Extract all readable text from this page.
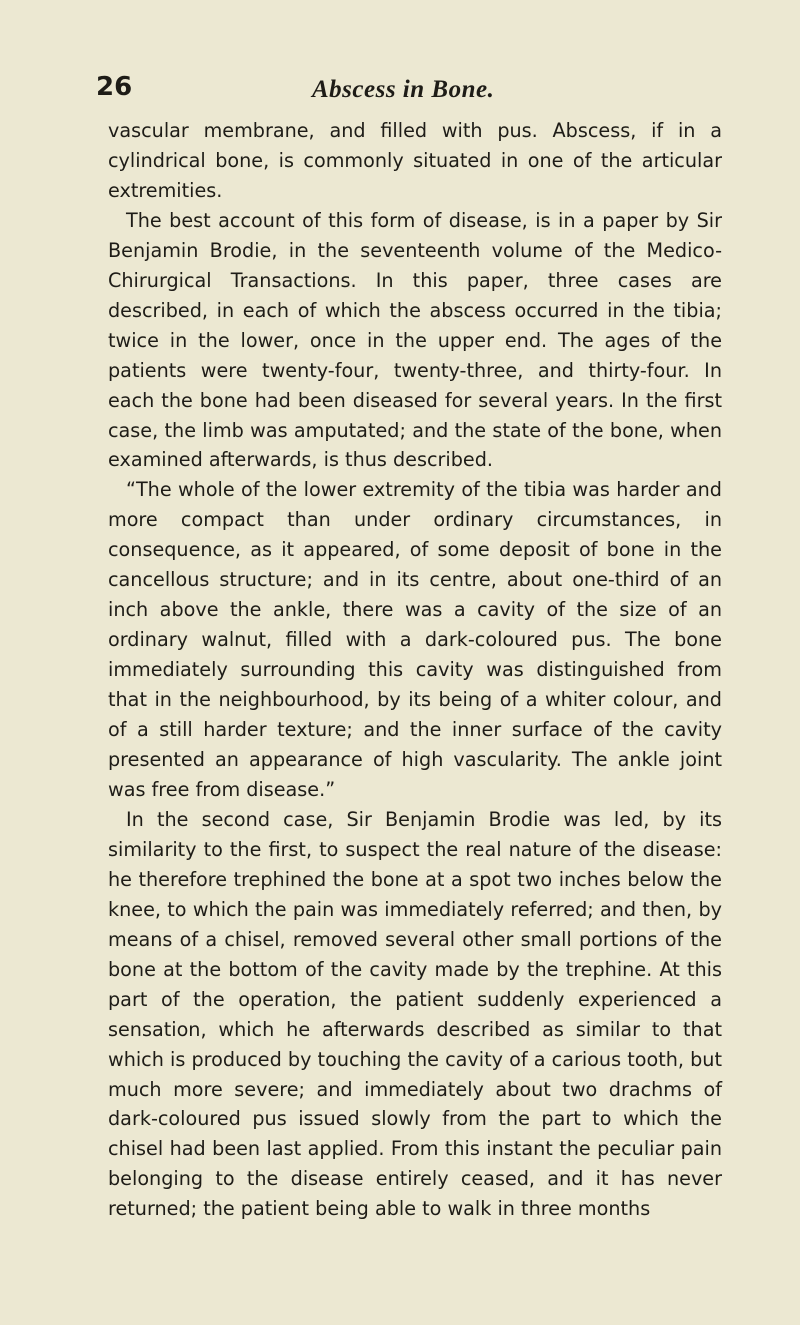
26	Abscess in Bone.

vascular membrane, and filled with pus. Abscess, if in a cylindrical bone, is commonly situated in one of the articular extremities.

The best account of this form of disease, is in a paper by Sir Benjamin Brodie, in the seventeenth volume of the Medico-Chirurgical Transactions. In this paper, three cases are described, in each of which the abscess occurred in the tibia; twice in the lower, once in the upper end. The ages of the patients were twenty-four, twenty-three, and thirty-four. In each the bone had been diseased for several years. In the first case, the limb was amputated; and the state of the bone, when examined afterwards, is thus described.

“The whole of the lower extremity of the tibia was harder and more compact than under ordinary circumstances, in consequence, as it appeared, of some deposit of bone in the cancellous structure; and in its centre, about one-third of an inch above the ankle, there was a cavity of the size of an ordinary walnut, filled with a dark-coloured pus. The bone immediately surrounding this cavity was distinguished from that in the neighbourhood, by its being of a whiter colour, and of a still harder texture; and the inner surface of the cavity presented an appearance of high vascularity. The ankle joint was free from disease.”

In the second case, Sir Benjamin Brodie was led, by its similarity to the first, to suspect the real nature of the disease: he therefore trephined the bone at a spot two inches below the knee, to which the pain was immediately referred; and then, by means of a chisel, removed several other small portions of the bone at the bottom of the cavity made by the trephine. At this part of the operation, the patient suddenly experienced a sensation, which he afterwards described as similar to that which is produced by touching the cavity of a carious tooth, but much more severe; and immediately about two drachms of dark-coloured pus issued slowly from the part to which the chisel had been last applied. From this instant the peculiar pain belonging to the disease entirely ceased, and it has never returned; the patient being able to walk in three months
